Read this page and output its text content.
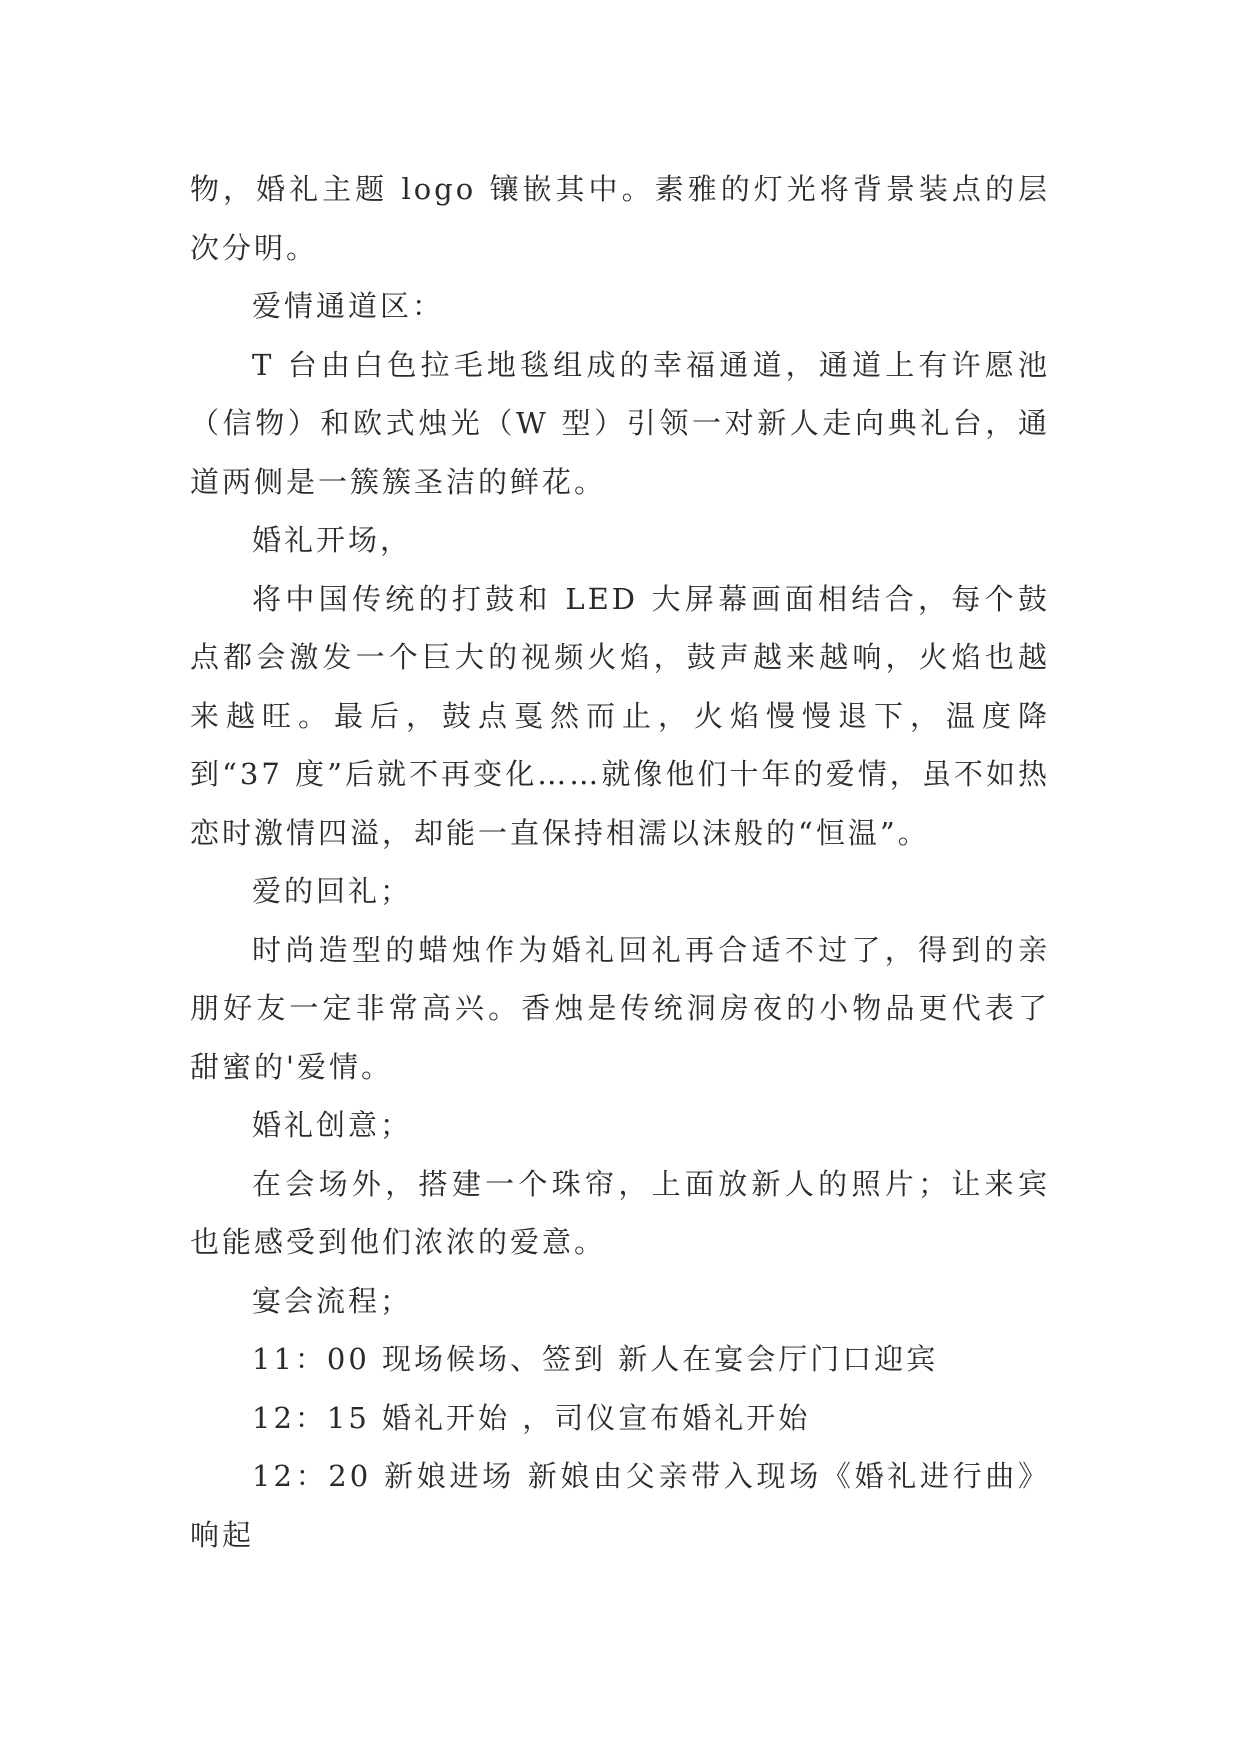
物，婚礼主题 logo 镶嵌其中。素雅的灯光将背景装点的层次分明。

爱情通道区：

T 台由白色拉毛地毯组成的幸福通道，通道上有许愿池（信物）和欧式烛光（W 型）引领一对新人走向典礼台，通道两侧是一簇簇圣洁的鲜花。

婚礼开场，

将中国传统的打鼓和 LED 大屏幕画面相结合，每个鼓点都会激发一个巨大的视频火焰，鼓声越来越响，火焰也越来越旺。最后，鼓点戛然而止，火焰慢慢退下，温度降到“37 度”后就不再变化……就像他们十年的爱情，虽不如热恋时激情四溢，却能一直保持相濡以沫般的“恒温”。

爱的回礼；

时尚造型的蜡烛作为婚礼回礼再合适不过了，得到的亲朋好友一定非常高兴。香烛是传统洞房夜的小物品更代表了甜蜜的'爱情。

婚礼创意；

在会场外，搭建一个珠帘，上面放新人的照片；让来宾也能感受到他们浓浓的爱意。

宴会流程；

11：00 现场候场、签到 新人在宴会厅门口迎宾

12：15 婚礼开始 ，司仪宣布婚礼开始

12：20 新娘进场 新娘由父亲带入现场《婚礼进行曲》响起
